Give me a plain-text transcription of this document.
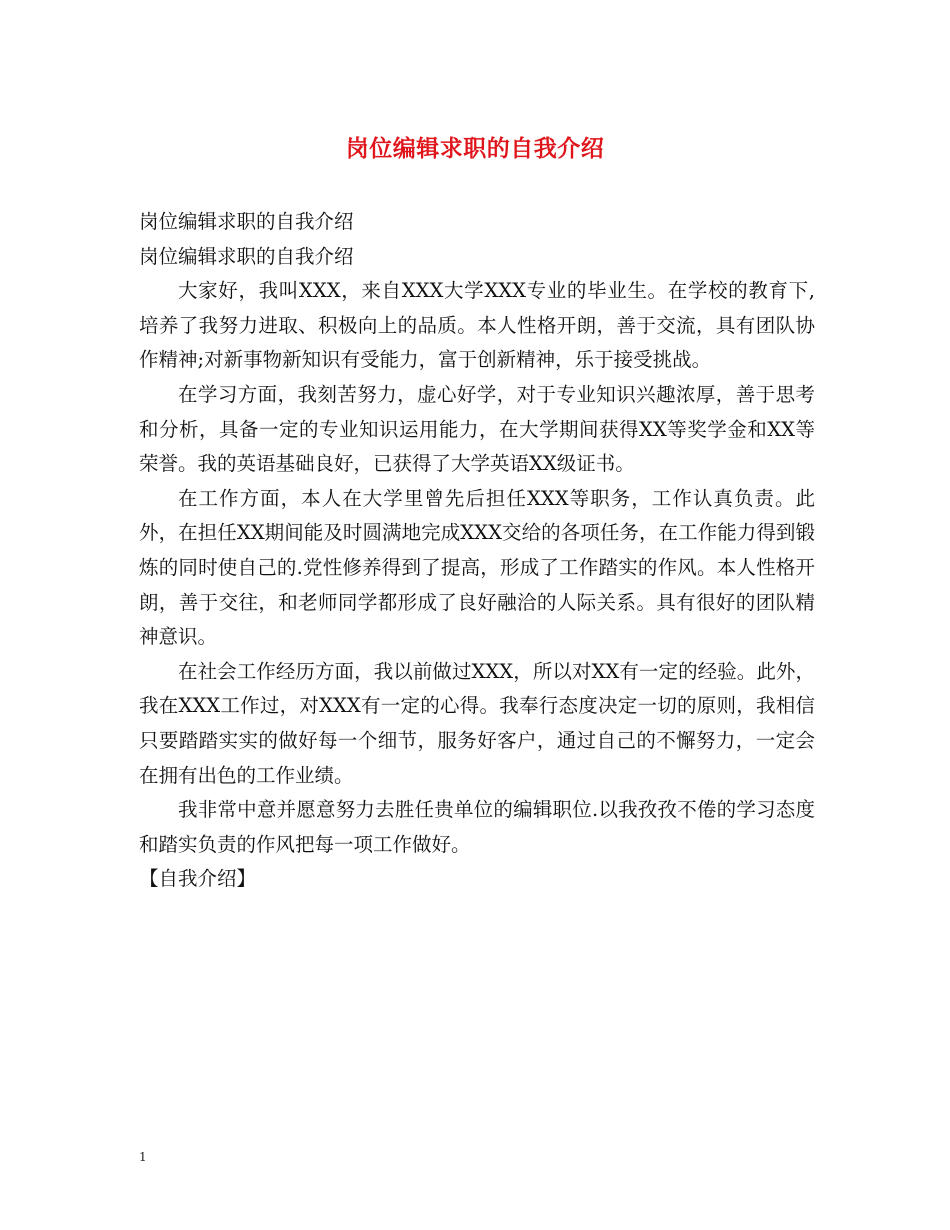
岗位编辑求职的自我介绍

岗位编辑求职的自我介绍

岗位编辑求职的自我介绍

大家好，我叫XXX，来自XXX大学XXX专业的毕业生。在学校的教育下,培养了我努力进取、积极向上的品质。本人性格开朗，善于交流，具有团队协作精神;对新事物新知识有受能力，富于创新精神，乐于接受挑战。

在学习方面，我刻苦努力，虚心好学，对于专业知识兴趣浓厚，善于思考和分析，具备一定的专业知识运用能力，在大学期间获得XX等奖学金和XX等荣誉。我的英语基础良好，已获得了大学英语XX级证书。

在工作方面，本人在大学里曾先后担任XXX等职务，工作认真负责。此外，在担任XX期间能及时圆满地完成XXX交给的各项任务，在工作能力得到锻炼的同时使自己的.党性修养得到了提高，形成了工作踏实的作风。本人性格开朗，善于交往，和老师同学都形成了良好融洽的人际关系。具有很好的团队精神意识。

在社会工作经历方面，我以前做过XXX，所以对XX有一定的经验。此外，我在XXX工作过，对XXX有一定的心得。我奉行态度决定一切的原则，我相信只要踏踏实实的做好每一个细节，服务好客户，通过自己的不懈努力，一定会在拥有出色的工作业绩。

我非常中意并愿意努力去胜任贵单位的编辑职位.以我孜孜不倦的学习态度和踏实负责的作风把每一项工作做好。

【自我介绍】

1
